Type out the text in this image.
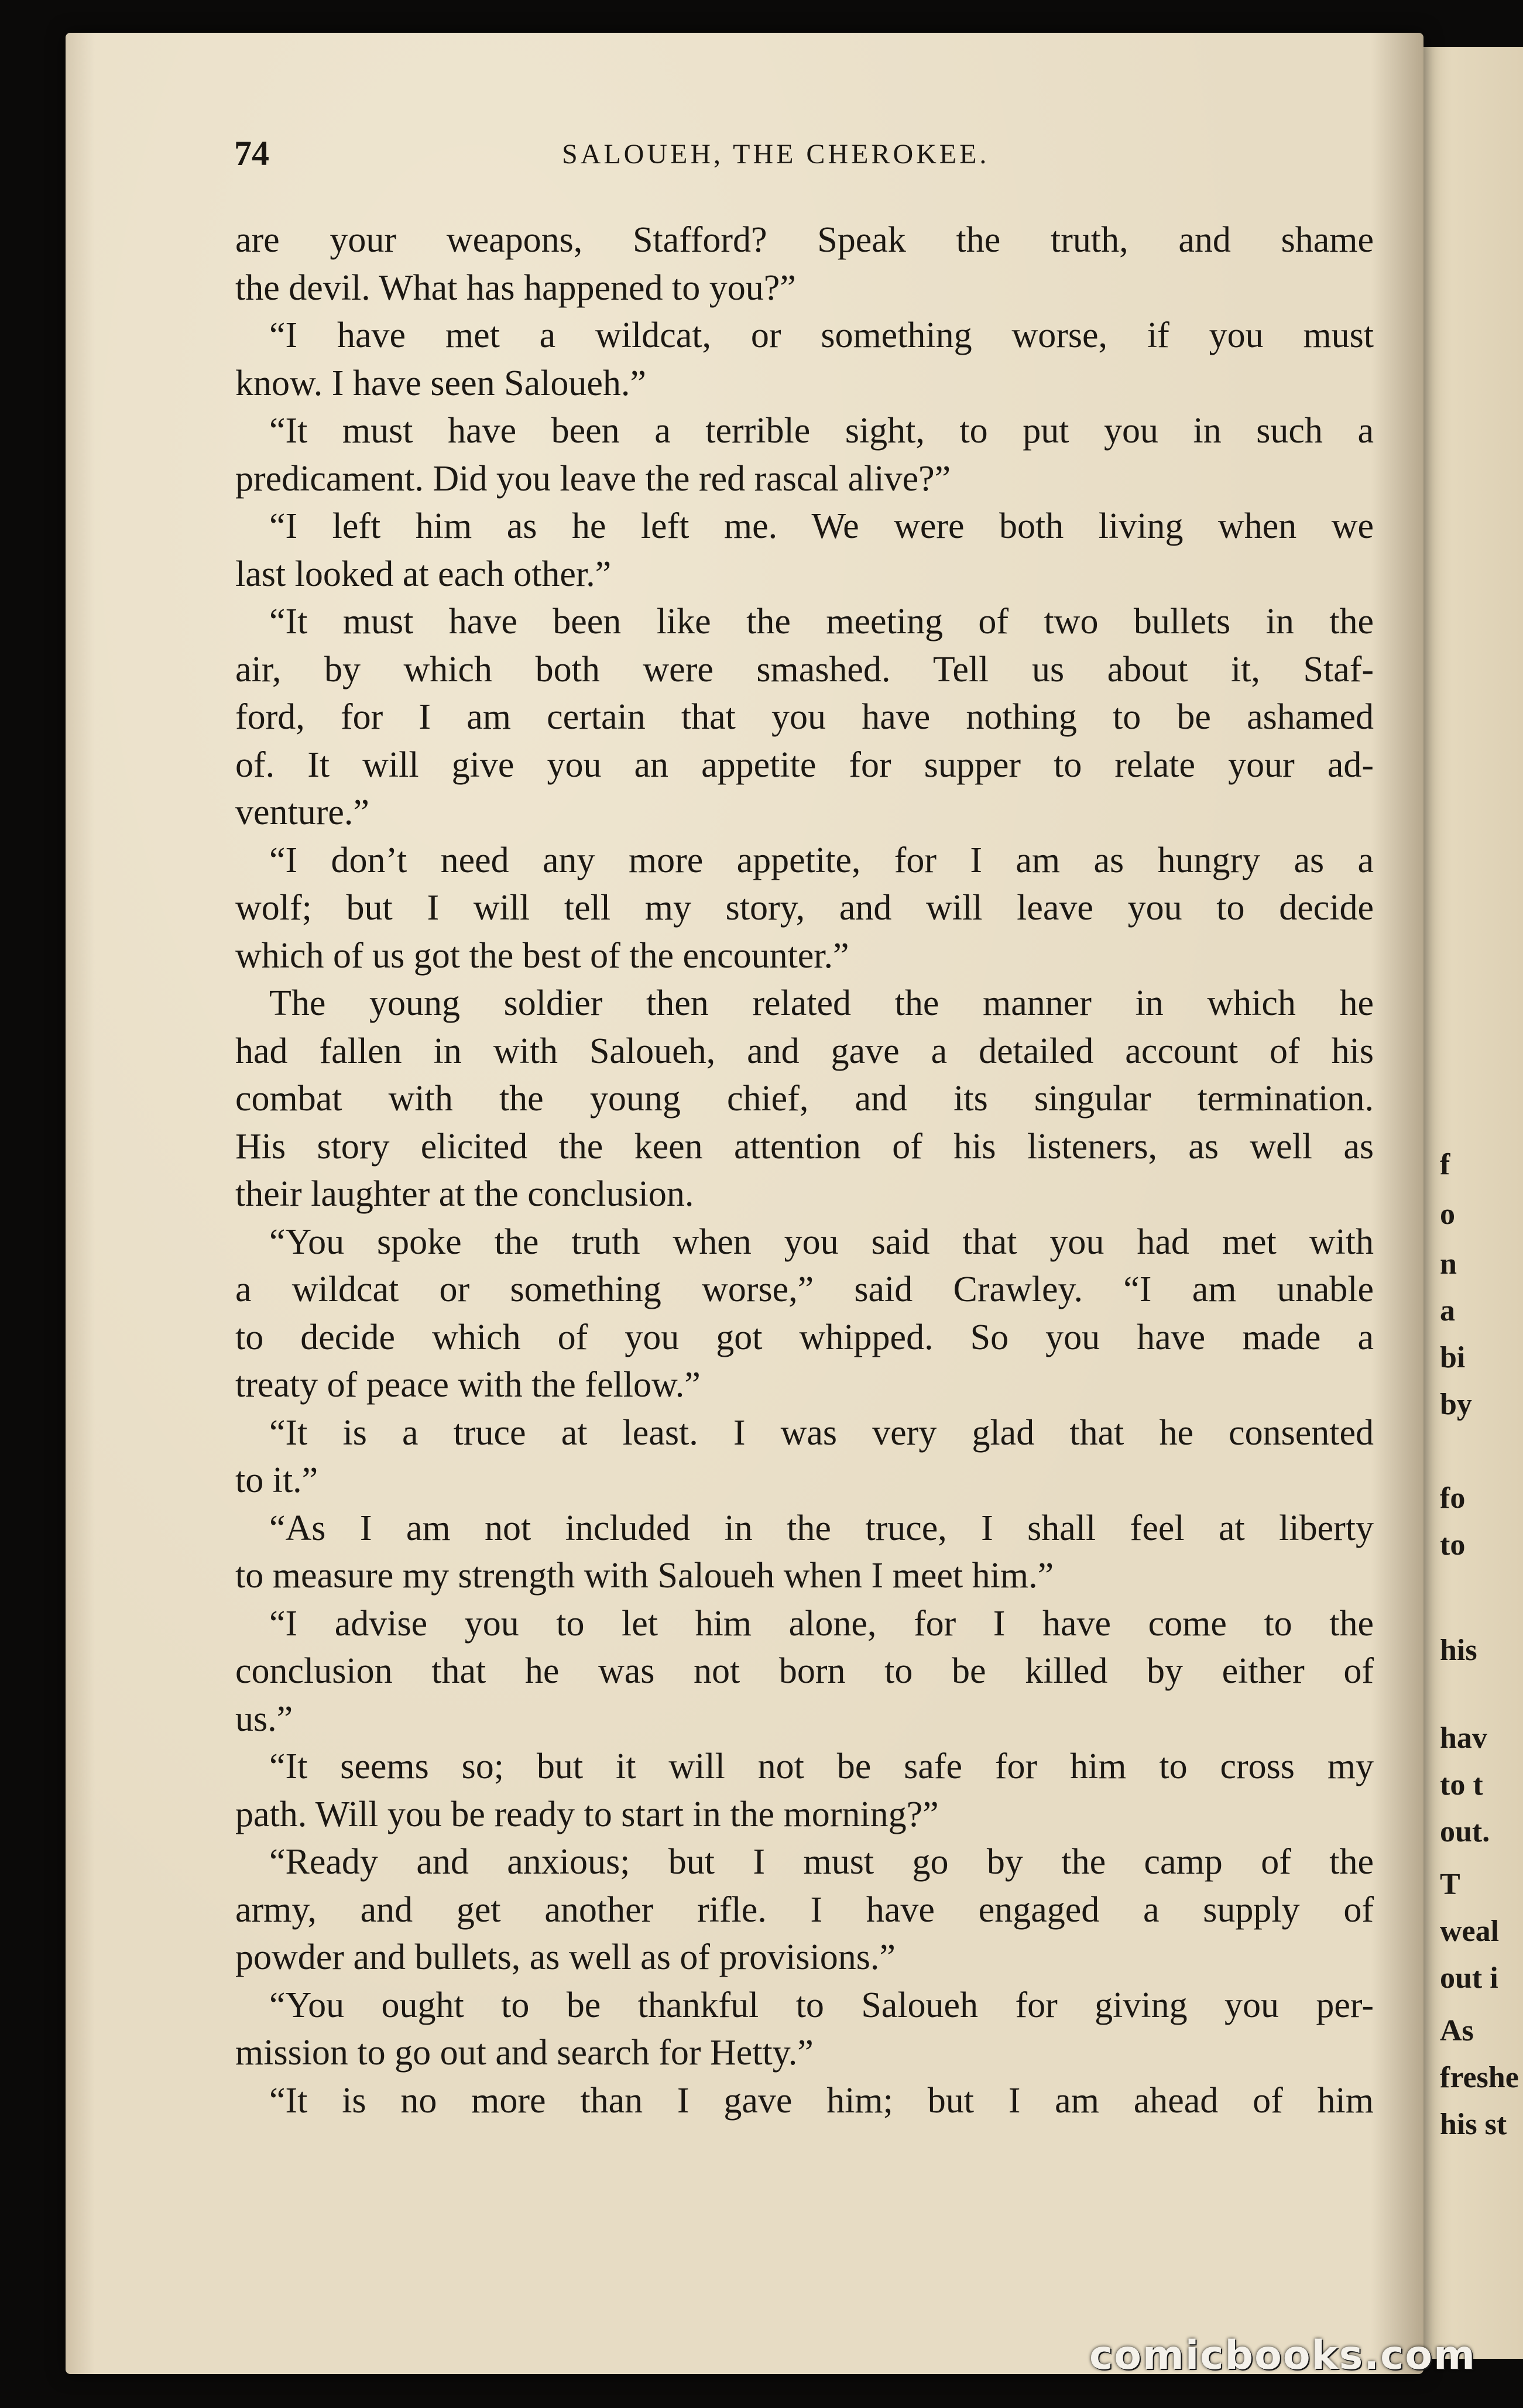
f
o
n
a
bi
by
fo
to
his
hav
to t
out.
T
weal
out i
As
freshe
his st
74	SALOUEH, THE CHEROKEE.
are your weapons, Stafford? Speak the truth, and shame
the devil. What has happened to you?”
“I have met a wildcat, or something worse, if you must
know. I have seen Saloueh.”
“It must have been a terrible sight, to put you in such a
predicament. Did you leave the red rascal alive?”
“I left him as he left me. We were both living when we
last looked at each other.”
“It must have been like the meeting of two bullets in the
air, by which both were smashed. Tell us about it, Staf-
ford, for I am certain that you have nothing to be ashamed
of. It will give you an appetite for supper to relate your ad-
venture.”
“I don’t need any more appetite, for I am as hungry as a
wolf; but I will tell my story, and will leave you to decide
which of us got the best of the encounter.”
The young soldier then related the manner in which he
had fallen in with Saloueh, and gave a detailed account of his
combat with the young chief, and its singular termination.
His story elicited the keen attention of his listeners, as well as
their laughter at the conclusion.
“You spoke the truth when you said that you had met with
a wildcat or something worse,” said Crawley. “I am unable
to decide which of you got whipped. So you have made a
treaty of peace with the fellow.”
“It is a truce at least. I was very glad that he consented
to it.”
“As I am not included in the truce, I shall feel at liberty
to measure my strength with Saloueh when I meet him.”
“I advise you to let him alone, for I have come to the
conclusion that he was not born to be killed by either of
us.”
“It seems so; but it will not be safe for him to cross my
path. Will you be ready to start in the morning?”
“Ready and anxious; but I must go by the camp of the
army, and get another rifle. I have engaged a supply of
powder and bullets, as well as of provisions.”
“You ought to be thankful to Saloueh for giving you per-
mission to go out and search for Hetty.”
“It is no more than I gave him; but I am ahead of him
comicbooks.com
